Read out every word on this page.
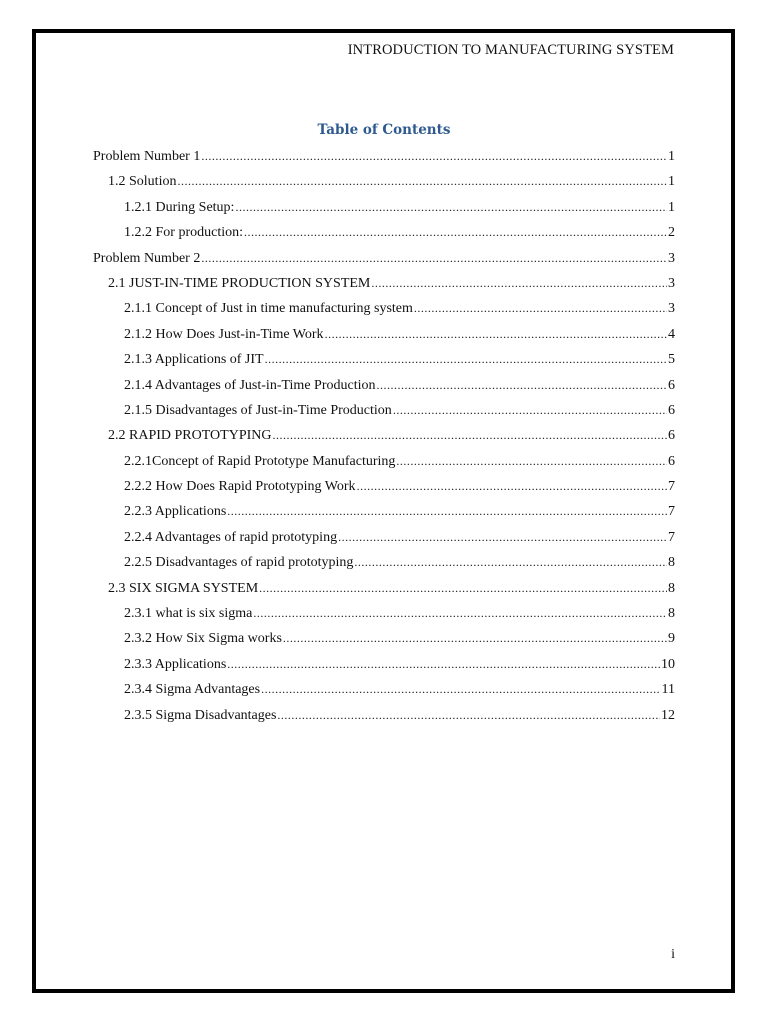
INTRODUCTION TO MANUFACTURING SYSTEM
Table of Contents
Problem Number 1 .....	1
1.2 Solution .....	1
1.2.1 During Setup: .....	1
1.2.2 For production: .....	2
Problem Number 2 .....	3
2.1 JUST-IN-TIME PRODUCTION SYSTEM .....	3
2.1.1 Concept of Just in time manufacturing system .....	3
2.1.2 How Does Just-in-Time Work .....	4
2.1.3 Applications of JIT .....	5
2.1.4 Advantages of Just-in-Time Production .....	6
2.1.5 Disadvantages of Just-in-Time Production .....	6
2.2 RAPID PROTOTYPING .....	6
2.2.1Concept of Rapid Prototype Manufacturing .....	6
2.2.2 How Does Rapid Prototyping Work .....	7
2.2.3 Applications .....	7
2.2.4 Advantages of rapid prototyping .....	7
2.2.5 Disadvantages of rapid prototyping .....	8
2.3 SIX SIGMA SYSTEM .....	8
2.3.1 what is six sigma .....	8
2.3.2 How Six Sigma works .....	9
2.3.3 Applications .....	10
2.3.4 Sigma Advantages .....	11
2.3.5 Sigma Disadvantages .....	12
i
